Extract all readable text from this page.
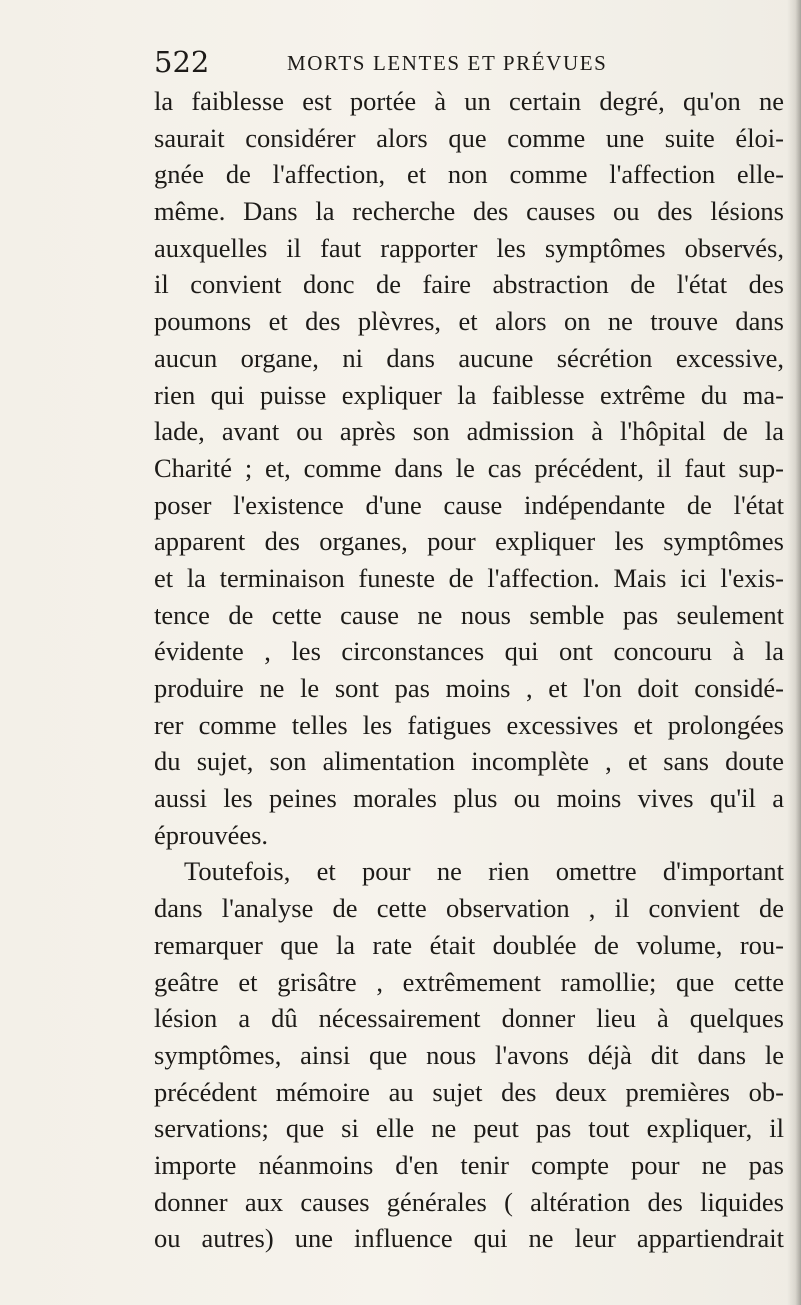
522	MORTS LENTES ET PRÉVUES
la faiblesse est portée à un certain degré, qu'on ne
saurait considérer alors que comme une suite éloi-
gnée de l'affection, et non comme l'affection elle-
même. Dans la recherche des causes ou des lésions
auxquelles il faut rapporter les symptômes observés,
il convient donc de faire abstraction de l'état des
poumons et des plèvres, et alors on ne trouve dans
aucun organe, ni dans aucune sécrétion excessive,
rien qui puisse expliquer la faiblesse extrême du ma-
lade, avant ou après son admission à l'hôpital de la
Charité ; et, comme dans le cas précédent, il faut sup-
poser l'existence d'une cause indépendante de l'état
apparent des organes, pour expliquer les symptômes
et la terminaison funeste de l'affection. Mais ici l'exis-
tence de cette cause ne nous semble pas seulement
évidente , les circonstances qui ont concouru à la
produire ne le sont pas moins , et l'on doit considé-
rer comme telles les fatigues excessives et prolongées
du sujet, son alimentation incomplète , et sans doute
aussi les peines morales plus ou moins vives qu'il a
éprouvées.
Toutefois, et pour ne rien omettre d'important
dans l'analyse de cette observation , il convient de
remarquer que la rate était doublée de volume, rou-
geâtre et grisâtre , extrêmement ramollie; que cette
lésion a dû nécessairement donner lieu à quelques
symptômes, ainsi que nous l'avons déjà dit dans le
précédent mémoire au sujet des deux premières ob-
servations; que si elle ne peut pas tout expliquer, il
importe néanmoins d'en tenir compte pour ne pas
donner aux causes générales ( altération des liquides
ou autres) une influence qui ne leur appartiendrait
